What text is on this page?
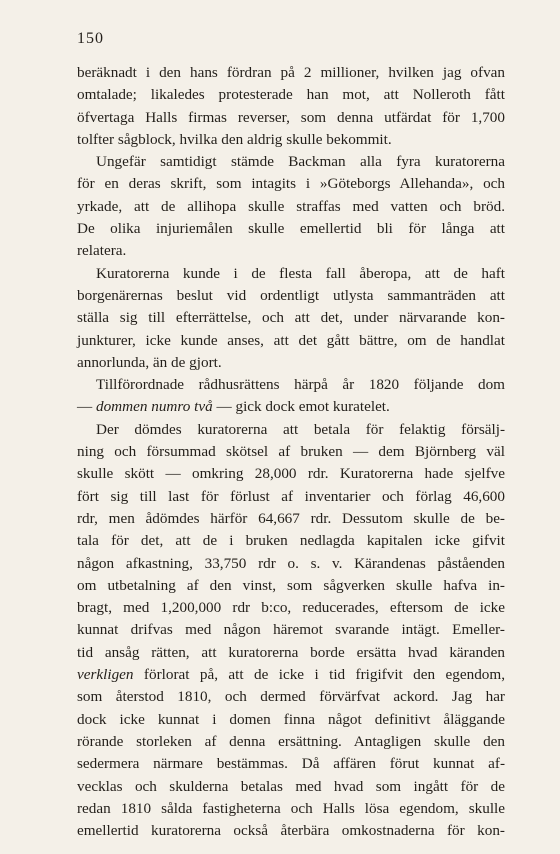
150
beräknadt i den hans fördran på 2 millioner, hvilken jag ofvan
omtalade; likaledes protesterade han mot, att Nolleroth fått
öfvertaga Halls firmas reverser, som denna utfärdat för 1,700
tolfter sågblock, hvilka den aldrig skulle bekommit.
Ungefär samtidigt stämde Backman alla fyra kuratorerna
för en deras skrift, som intagits i »Göteborgs Allehanda», och
yrkade, att de allihopa skulle straffas med vatten och bröd.
De olika injuriemålen skulle emellertid bli för långa att
relatera.
Kuratorerna kunde i de flesta fall åberopa, att de haft
borgenärernas beslut vid ordentligt utlysta sammanträden att
ställa sig till efterrättelse, och att det, under närvarande kon-
junkturer, icke kunde anses, att det gått bättre, om de handlat
annorlunda, än de gjort.
Tillförordnade rådhusrättens härpå år 1820 följande dom
— dommen numro två — gick dock emot kuratelet.
Der dömdes kuratorerna att betala för felaktig försälj-
ning och försummad skötsel af bruken — dem Björnberg väl
skulle skött — omkring 28,000 rdr. Kuratorerna hade sjelfve
fört sig till last för förlust af inventarier och förlag 46,600
rdr, men ådömdes härför 64,667 rdr. Dessutom skulle de be-
tala för det, att de i bruken nedlagda kapitalen icke gifvit
någon afkastning, 33,750 rdr o. s. v. Kärandenas påståenden
om utbetalning af den vinst, som sågverken skulle hafva in-
bragt, med 1,200,000 rdr b:co, reducerades, eftersom de icke
kunnat drifvas med någon häremot svarande intägt. Emeller-
tid ansåg rätten, att kuratorerna borde ersätta hvad käranden
verkligen förlorat på, att de icke i tid frigifvit den egendom,
som återstod 1810, och dermed förvärfvat ackord. Jag har
dock icke kunnat i domen finna något definitivt åläggande
rörande storleken af denna ersättning. Antagligen skulle den
sedermera närmare bestämmas. Då affären förut kunnat af-
vecklas och skulderna betalas med hvad som ingått för de
redan 1810 sålda fastigheterna och Halls lösa egendom, skulle
emellertid kuratorerna också återbära omkostnaderna för kon-
